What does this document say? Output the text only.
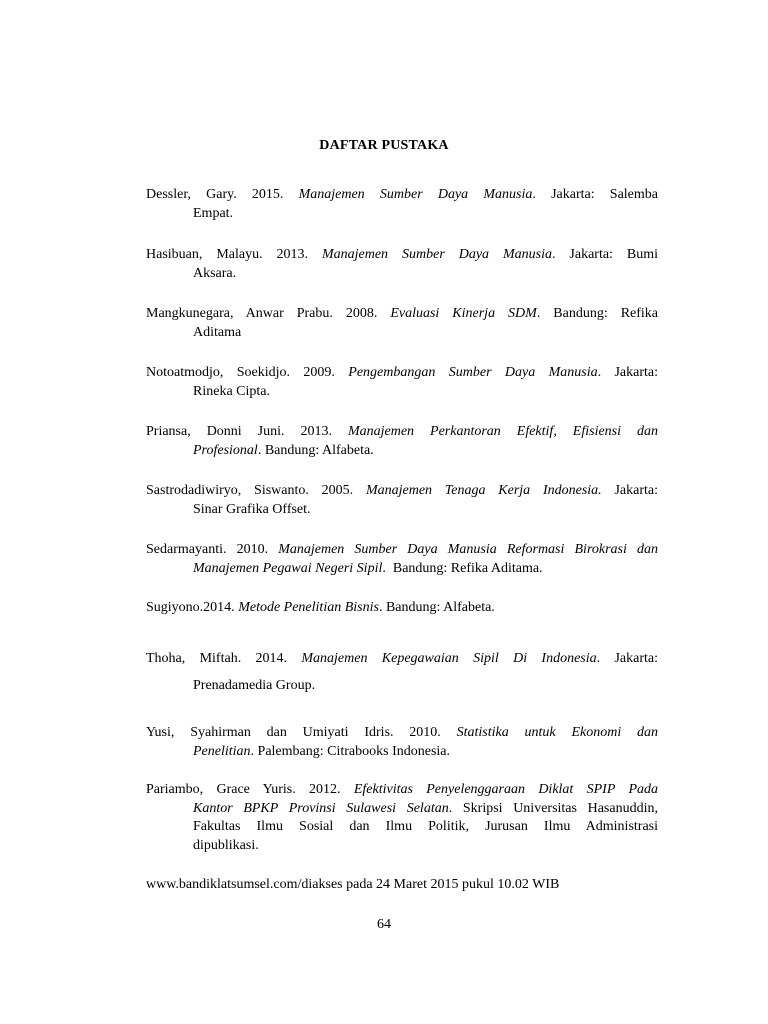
DAFTAR PUSTAKA
Dessler, Gary. 2015. Manajemen Sumber Daya Manusia. Jakarta: Salemba
Empat.
Hasibuan, Malayu. 2013. Manajemen Sumber Daya Manusia. Jakarta: Bumi
Aksara.
Mangkunegara, Anwar Prabu. 2008. Evaluasi Kinerja SDM. Bandung: Refika
Aditama
Notoatmodjo, Soekidjo. 2009. Pengembangan Sumber Daya Manusia. Jakarta:
Rineka Cipta.
Priansa, Donni Juni. 2013. Manajemen Perkantoran Efektif, Efisiensi dan
Profesional. Bandung: Alfabeta.
Sastrodadiwiryo, Siswanto. 2005. Manajemen Tenaga Kerja Indonesia. Jakarta:
Sinar Grafika Offset.
Sedarmayanti. 2010. Manajemen Sumber Daya Manusia Reformasi Birokrasi dan
Manajemen Pegawai Negeri Sipil.  Bandung: Refika Aditama.
Sugiyono.2014. Metode Penelitian Bisnis. Bandung: Alfabeta.
Thoha, Miftah. 2014. Manajemen Kepegawaian Sipil Di Indonesia. Jakarta:
Prenadamedia Group.
Yusi, Syahirman dan Umiyati Idris. 2010. Statistika untuk Ekonomi dan
Penelitian. Palembang: Citrabooks Indonesia.
Pariambo, Grace Yuris. 2012. Efektivitas Penyelenggaraan Diklat SPIP Pada
Kantor BPKP Provinsi Sulawesi Selatan. Skripsi Universitas Hasanuddin,
Fakultas Ilmu Sosial dan Ilmu Politik, Jurusan Ilmu Administrasi
dipublikasi.
www.bandiklatsumsel.com/diakses pada 24 Maret 2015 pukul 10.02 WIB
64
